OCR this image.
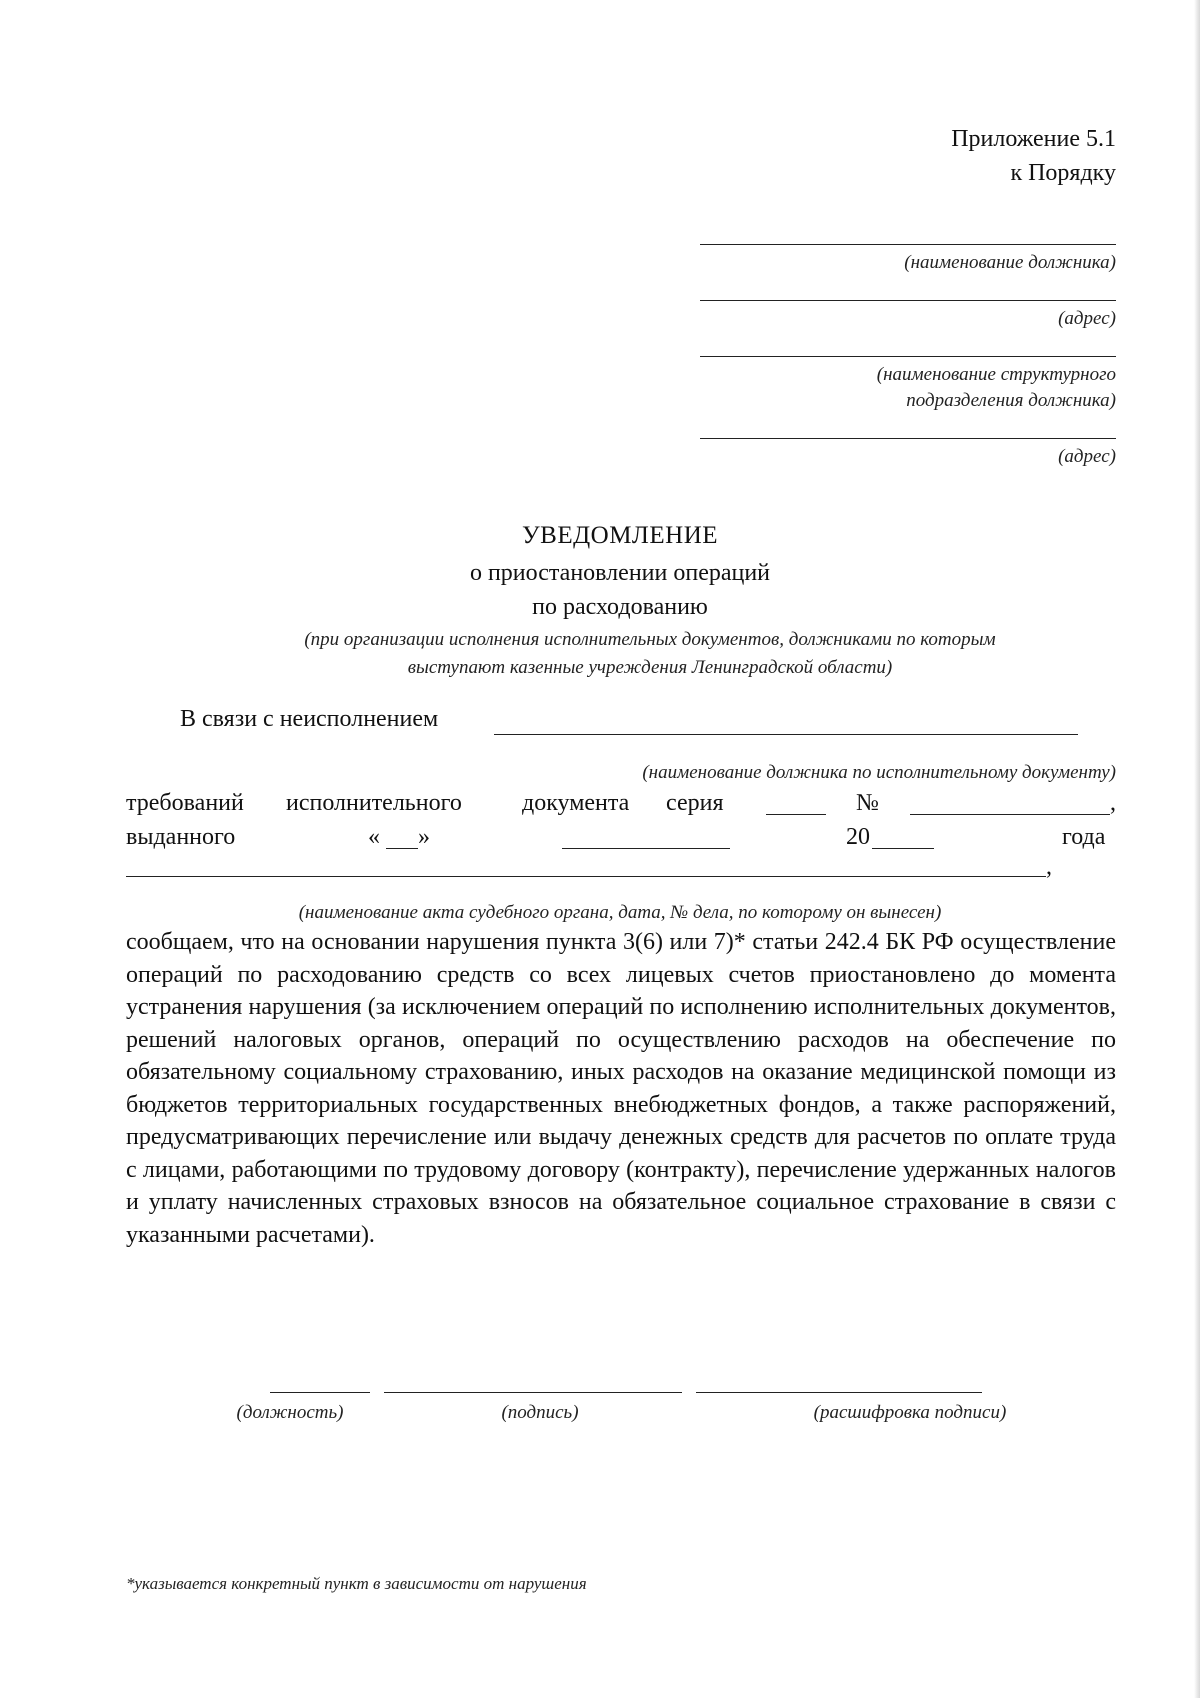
Приложение 5.1
к Порядку
(наименование должника)
(адрес)
(наименование структурного
подразделения должника)
(адрес)
УВЕДОМЛЕНИЕ
о приостановлении операций
по расходованию
(при организации исполнения исполнительных документов, должниками по которым
выступают казенные учреждения Ленинградской области)
В связи с неисполнением
(наименование должника по исполнительному документу)
требований исполнительного	документа серия	№	,
выданного	« »	20	года
,
(наименование акта судебного органа, дата, № дела, по которому он вынесен)
сообщаем, что на основании нарушения пункта 3(6) или 7)* статьи 242.4 БК РФ осуществление операций по расходованию средств со всех лицевых счетов приостановлено до момента устранения нарушения (за исключением операций по исполнению исполнительных документов, решений налоговых органов, операций по осуществлению расходов на обеспечение по обязательному социальному страхованию, иных расходов на оказание медицинской помощи из бюджетов территориальных государственных внебюджетных фондов, а также распоряжений, предусматривающих перечисление или выдачу денежных средств для расчетов по оплате труда с лицами, работающими по трудовому договору (контракту), перечисление удержанных налогов и уплату начисленных страховых взносов на обязательное социальное страхование в связи с указанными расчетами).
(должность)	(подпись)	(расшифровка подписи)
*указывается конкретный пункт в зависимости от нарушения
